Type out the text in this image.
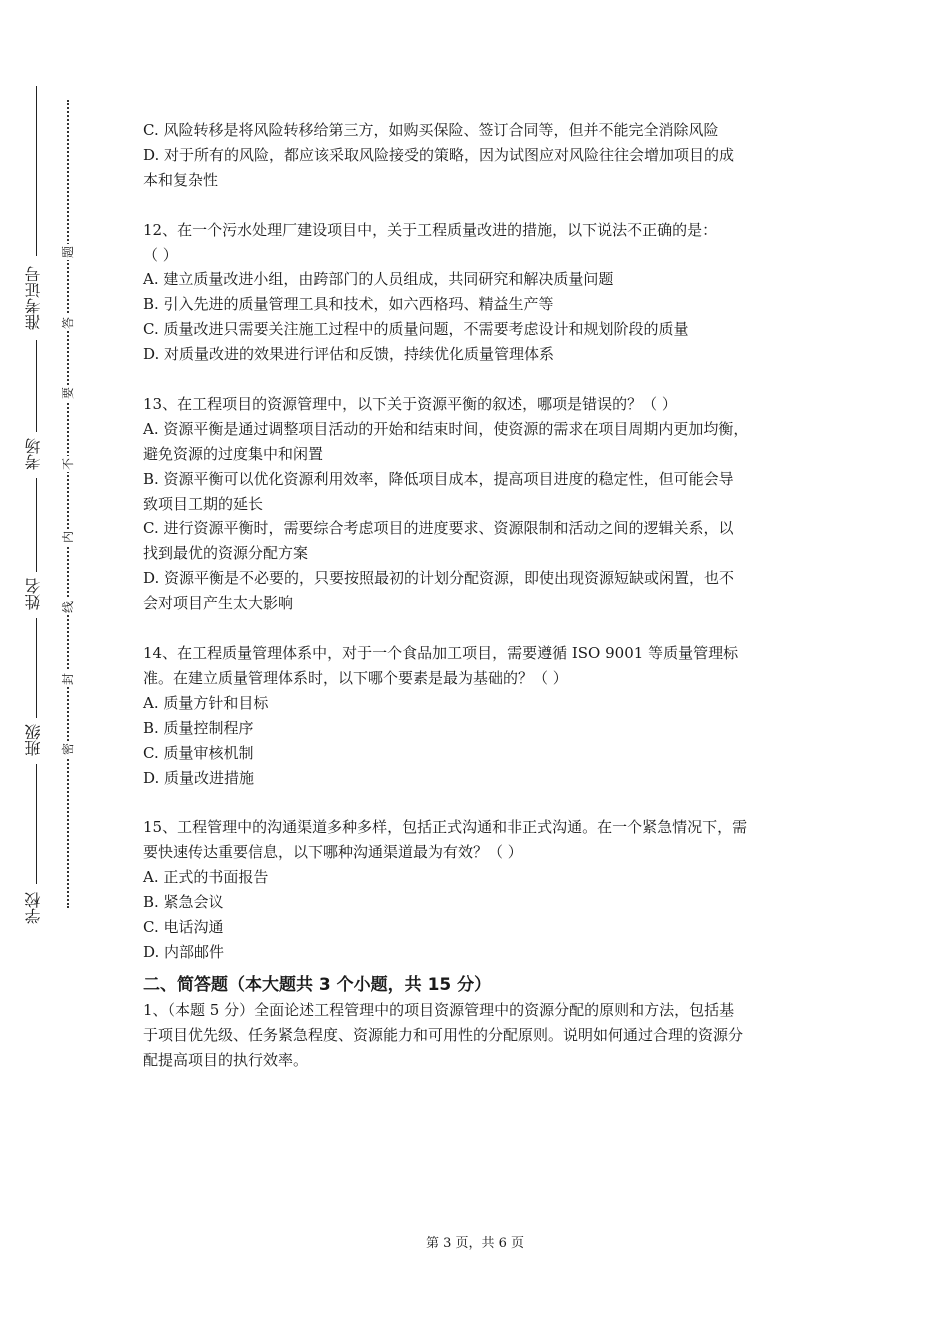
准考证号
考场
姓名
班级
学校
题
答
要
不
内
线
封
密
C. 风险转移是将风险转移给第三方，如购买保险、签订合同等，但并不能完全消除风险
D. 对于所有的风险，都应该采取风险接受的策略，因为试图应对风险往往会增加项目的成
本和复杂性
12、在一个污水处理厂建设项目中，关于工程质量改进的措施，以下说法不正确的是：
（ ）
A. 建立质量改进小组，由跨部门的人员组成，共同研究和解决质量问题
B. 引入先进的质量管理工具和技术，如六西格玛、精益生产等
C. 质量改进只需要关注施工过程中的质量问题，不需要考虑设计和规划阶段的质量
D. 对质量改进的效果进行评估和反馈，持续优化质量管理体系
13、在工程项目的资源管理中，以下关于资源平衡的叙述，哪项是错误的？（ ）
A. 资源平衡是通过调整项目活动的开始和结束时间，使资源的需求在项目周期内更加均衡，
避免资源的过度集中和闲置
B. 资源平衡可以优化资源利用效率，降低项目成本，提高项目进度的稳定性，但可能会导
致项目工期的延长
C. 进行资源平衡时，需要综合考虑项目的进度要求、资源限制和活动之间的逻辑关系，以
找到最优的资源分配方案
D. 资源平衡是不必要的，只要按照最初的计划分配资源，即使出现资源短缺或闲置，也不
会对项目产生太大影响
14、在工程质量管理体系中，对于一个食品加工项目，需要遵循 ISO 9001 等质量管理标
准。在建立质量管理体系时，以下哪个要素是最为基础的？（ ）
A. 质量方针和目标
B. 质量控制程序
C. 质量审核机制
D. 质量改进措施
15、工程管理中的沟通渠道多种多样，包括正式沟通和非正式沟通。在一个紧急情况下，需
要快速传达重要信息，以下哪种沟通渠道最为有效？（ ）
A. 正式的书面报告
B. 紧急会议
C. 电话沟通
D. 内部邮件
二、简答题（本大题共 3 个小题，共 15 分）
1、（本题 5 分）全面论述工程管理中的项目资源管理中的资源分配的原则和方法，包括基
于项目优先级、任务紧急程度、资源能力和可用性的分配原则。说明如何通过合理的资源分
配提高项目的执行效率。
第 3 页，共 6 页
